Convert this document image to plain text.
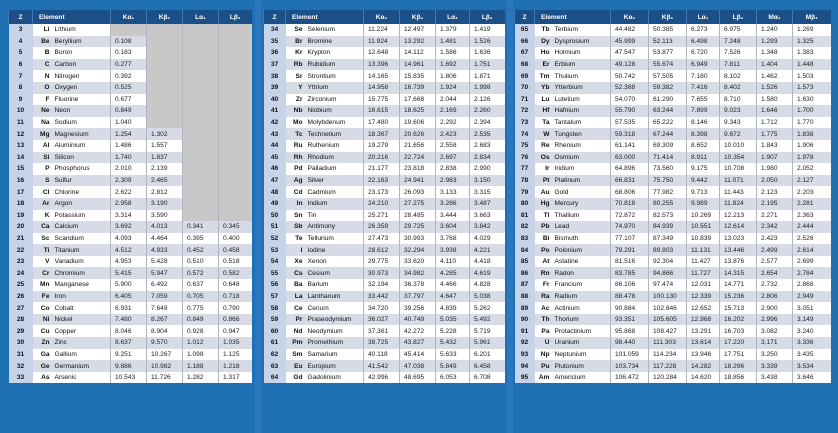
Z	Element		Kα₁	Kβ₁	Lα₁	Lβ₁
3	Li	Lithium				
4	Be	Beryllium	0.108			
5	B	Boron	0.183			
6	C	Carbon	0.277			
7	N	Nitrogen	0.392			
8	O	Oxygen	0.525			
9	F	Fluorine	0.677			
10	Ne	Neon	0.849			
11	Na	Sodium	1.040			
12	Mg	Magnesium	1.254	1.302		
13	Al	Aluminium	1.486	1.557		
14	Si	Silicon	1.740	1.837		
15	P	Phosphorus	2.010	2.139		
16	S	Sulfur	2.309	2.465		
17	Cl	Chlorine	2.622	2.812		
18	Ar	Argon	2.958	3.190		
19	K	Potassium	3.314	3.590		
20	Ca	Calcium	3.692	4.013	0.341	0.345
21	Sc	Scandium	4.093	4.464	0.395	0.400
22	Ti	Titanium	4.512	4.933	0.452	0.458
23	V	Vanadium	4.953	5.428	0.510	0.518
24	Cr	Chromium	5.415	5.947	0.572	0.582
25	Mn	Manganese	5.900	6.492	0.637	0.648
26	Fe	Iron	6.405	7.059	0.705	0.718
27	Co	Cobalt	6.931	7.649	0.775	0.790
28	Ni	Nickel	7.480	8.267	0.849	0.866
29	Cu	Copper	8.046	8.904	0.928	0.947
30	Zn	Zinc	8.637	9.570	1.012	1.035
31	Ga	Gallium	9.251	10.267	1.098	1.125
32	Ge	Germanium	9.886	10.982	1.188	1.218
33	As	Arsenic	10.543	11.726	1.282	1.317
Z	Element		Kα₁	Kβ₁	Lα₁	Lβ₁
34	Se	Selenium	11.224	12.497	1.379	1.419
35	Br	Bromine	11.924	13.292	1.481	1.526
36	Kr	Krypton	12.648	14.112	1.586	1.636
37	Rb	Rubidium	13.396	14.961	1.692	1.751
38	Sr	Strontium	14.165	15.835	1.806	1.871
39	Y	Yttrium	14.958	16.739	1.924	1.998
40	Zr	Zirconium	15.775	17.668	2.044	2.126
41	Nb	Niobium	16.615	18.625	2.169	2.260
42	Mo	Molybdenum	17.480	19.606	2.292	2.394
43	Tc	Technetium	18.367	20.626	2.423	2.535
44	Ru	Ruthenium	19.279	21.656	2.558	2.683
45	Rh	Rhodium	20.216	22.724	2.697	2.834
46	Pd	Palladium	21.177	23.818	2.838	2.990
47	Ag	Silver	22.163	24.941	2.983	3.150
48	Cd	Cadmium	23.173	26.093	3.133	3.315
49	In	Indium	24.210	27.275	3.286	3.487
50	Sn	Tin	25.271	28.485	3.444	3.663
51	Sb	Antimony	26.359	29.725	3.604	3.842
52	Te	Tellurium	27.473	30.993	3.768	4.029
53	I	Iodine	28.612	32.294	3.938	4.221
54	Xe	Xenon	29.775	33.620	4.110	4.418
55	Cs	Cesium	30.973	34.982	4.285	4.619
56	Ba	Barium	32.194	36.378	4.466	4.828
57	La	Lanthanum	33.442	37.797	4.647	5.038
58	Ce	Cerium	34.720	39.256	4.839	5.262
59	Pr	Praseodymium	36.027	40.749	5.035	5.492
60	Nd	Neodymium	37.361	42.272	5.228	5.719
61	Pm	Promethium	38.725	43.827	5.432	5.961
62	Sm	Samarium	40.118	45.414	5.633	6.201
63	Eu	Europium	41.542	47.038	5.849	6.458
64	Gd	Gadolinium	42.996	48.695	6.053	6.708
Z	Element		Kα₁	Kβ₁	Lα₁	Lβ₁	Mα₁	Mβ₁
65	Tb	Terbium	44.482	50.385	6.273	6.975	1.240	1.269
66	Dy	Dysprosium	45.999	52.113	6.498	7.248	1.293	1.325
67	Ho	Holmium	47.547	53.877	6.720	7.526	1.348	1.383
68	Er	Erbium	49.128	55.674	6.949	7.811	1.404	1.448
69	Tm	Thulium	50.742	57.505	7.180	8.102	1.462	1.503
70	Yb	Ytterbium	52.388	59.382	7.416	8.402	1.526	1.573
71	Lu	Lutetium	54.070	61.290	7.655	8.710	1.580	1.630
72	Hf	Hafnium	55.790	63.244	7.899	9.023	1.646	1.700
73	Ta	Tantalum	57.535	65.222	8.146	9.343	1.712	1.770
74	W	Tungsten	59.318	67.244	8.398	9.672	1.775	1.838
75	Re	Rhenium	61.141	69.309	8.652	10.010	1.843	1.906
76	Os	Osmium	63.000	71.414	8.911	10.354	1.907	1.978
77	Ir	Iridium	64.896	73.560	9.175	10.708	1.980	2.052
78	Pt	Platinum	66.831	75.750	9.442	11.071	2.050	2.127
79	Au	Gold	68.806	77.982	9.713	11.443	2.123	2.203
80	Hg	Mercury	70.818	80.255	9.989	11.824	2.195	2.281
81	Tl	Thallium	72.872	82.573	10.269	12.213	2.271	2.363
82	Pb	Lead	74.970	84.939	10.551	12.614	2.342	2.444
83	Bi	Bismuth	77.107	87.349	10.839	13.023	2.423	2.526
84	Po	Polonium	79.291	89.803	11.131	13.446	2.499	2.614
85	At	Astatine	81.516	92.304	11.427	13.876	2.577	2.699
86	Rn	Radon	83.785	94.866	11.727	14.315	2.654	2.784
87	Fr	Francium	86.106	97.474	12.031	14.771	2.732	2.868
88	Ra	Radium	88.478	100.130	12.339	15.236	2.806	2.949
89	Ac	Actinium	90.884	102.846	12.652	15.713	2.900	3.051
90	Th	Thorium	93.351	105.605	12.968	16.202	2.996	3.149
91	Pa	Protactinium	95.868	108.427	13.291	16.703	3.082	3.240
92	U	Uranium	98.440	111.303	13.614	17.220	3.171	3.336
93	Np	Neptunium	101.059	114.234	13.946	17.751	3.250	3.435
94	Pu	Plutonium	103.734	117.228	14.282	18.296	3.339	3.534
95	Am	Americium	106.472	120.284	14.620	18.856	3.438	3.646
